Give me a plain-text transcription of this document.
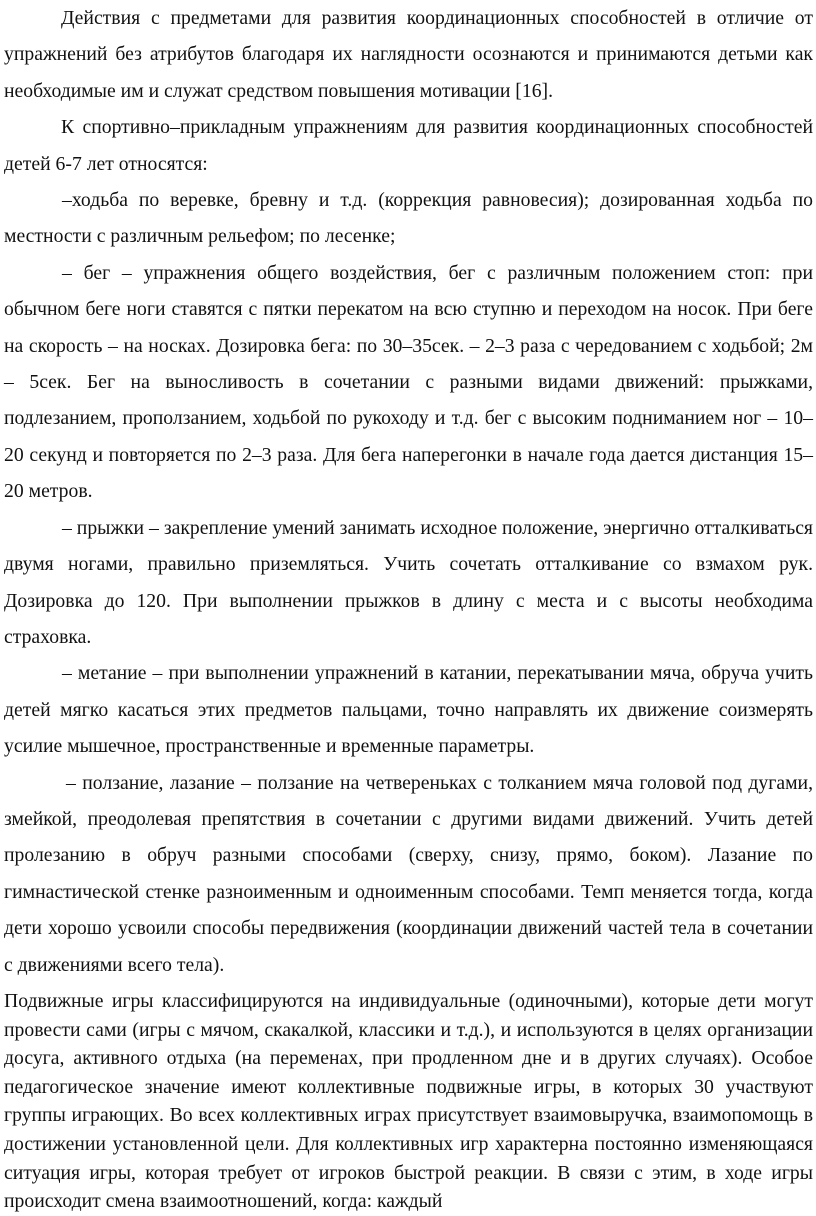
Действия с предметами для развития координационных способностей в отличие от упражнений без атрибутов благодаря их наглядности осознаются и принимаются детьми как необходимые им и служат средством повышения мотивации [16].

К спортивно–прикладным упражнениям для развития координационных способностей детей 6-7 лет относятся:

–ходьба по веревке, бревну и т.д. (коррекция равновесия); дозированная ходьба по местности с различным рельефом; по лесенке;

– бег – упражнения общего воздействия, бег с различным положением стоп: при обычном беге ноги ставятся с пятки перекатом на всю ступню и переходом на носок. При беге на скорость – на носках. Дозировка бега: по 30–35сек. – 2–3 раза с чередованием с ходьбой; 2м – 5сек. Бег на выносливость в сочетании с разными видами движений: прыжками, подлезанием, проползанием, ходьбой по рукоходу и т.д. бег с высоким подниманием ног – 10–20 секунд и повторяется по 2–3 раза. Для бега наперегонки в начале года дается дистанция 15–20 метров.

– прыжки – закрепление умений занимать исходное положение, энергично отталкиваться двумя ногами, правильно приземляться. Учить сочетать отталкивание со взмахом рук. Дозировка до 120. При выполнении прыжков в длину с места и с высоты необходима страховка.

– метание – при выполнении упражнений в катании, перекатывании мяча, обруча учить детей мягко касаться этих предметов пальцами, точно направлять их движение соизмерять усилие мышечное, пространственные и временные параметры.

– ползание, лазание – ползание на четвереньках с толканием мяча головой под дугами, змейкой, преодолевая препятствия в сочетании с другими видами движений. Учить детей пролезанию в обруч разными способами (сверху, снизу, прямо, боком). Лазание по гимнастической стенке разноименным и одноименным способами. Темп меняется тогда, когда дети хорошо усвоили способы передвижения (координации движений частей тела в сочетании с движениями всего тела).

Подвижные игры классифицируются на индивидуальные (одиночными), которые дети могут провести сами (игры с мячом, скакалкой, классики и т.д.), и используются в целях организации досуга, активного отдыха (на переменах, при продленном дне и в других случаях). Особое педагогическое значение имеют коллективные подвижные игры, в которых 30 участвуют группы играющих. Во всех коллективных играх присутствует взаимовыручка, взаимопомощь в достижении установленной цели. Для коллективных игр характерна постоянно изменяющаяся ситуация игры, которая требует от игроков быстрой реакции. В связи с этим, в ходе игры происходит смена взаимоотношений, когда: каждый
